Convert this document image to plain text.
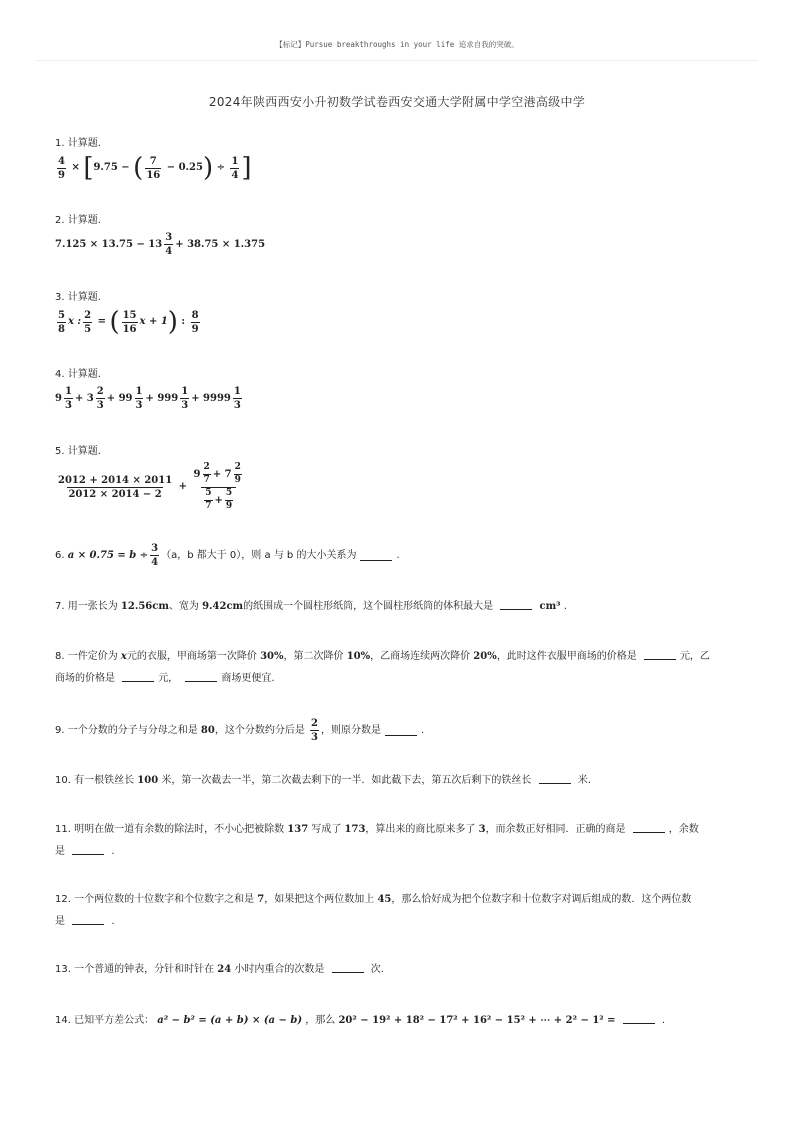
【标记】Pursue breakthroughs in your life 追求自我的突破。
2024年陕西西安小升初数学试卷西安交通大学附属中学空港高级中学
1. 计算题.
$\frac{4}{9}$ × [ 9.75 − ( $\frac{7}{16} - 0.25$ ) ÷ $\frac{1}{4}$ ]
2. 计算题.
$7.125 \times 13.75 - 13 \frac{3}{4} + 38.75 \times 1.375$
3. 计算题.
$\frac{5}{8}$ x : $\frac{2}{5}$
=
( $\frac{15}{16}$ x + 1 )
:
$\frac{8}{9}$
4. 计算题.
$9 \frac{1}{3} + 3 \frac{2}{3} + 99 \frac{1}{3} + 999 \frac{1}{3} + 9999 \frac{1}{3}$
5. 计算题.
$\frac{2012 + 2014 \times 2011}{2012 \times 2014 - 2}$
+
$\frac{9 \frac{2}{7} + 7 \frac{2}{9}}{\frac{5}{7} + \frac{5}{9}}$
6.
$a \times 0.75 = b \div \frac{3}{4} (a$，b 都大于 0），则 a 与 b 的大小关系为	.
7. 用一张长为 12.56cm、宽为 9.42cm的纸围成一个圆柱形纸筒，这个圆柱形纸筒的体积最大是	cm³ .
8. 一件定价为 x元的衣服，甲商场第一次降价 30%，第二次降价 10%，乙商场连续两次降价 20%，此时这件衣服甲商场的价格是	元，乙
商场的价格是	元，	商场更便宜.
9. 一个分数的分子与分母之和是
80 ，这个分数约分后是
$\frac{2}{3}$ ，则原分数是	.
10. 有一根铁丝长 100 米，第一次截去一半，第二次截去剩下的一半．如此截下去，第五次后剩下的铁丝长	米.
11. 明明在做一道有余数的除法时，不小心把被除数 137 写成了 173，算出来的商比原来多了 3，而余数正好相同．正确的商是	，余数
是	.
12. 一个两位数的十位数字和个位数字之和是 7，如果把这个两位数加上 45，那么恰好成为把个位数字和十位数字对调后组成的数．这个两位数
是	.
13. 一个普通的钟表，分针和时针在 24 小时内重合的次数是	次.
14. 已知平方差公式： a² − b² = (a + b) × (a − b) ，那么 20² − 19² + 18² − 17² + 16² − 15² + ⋯ + 2² − 1² =	.
